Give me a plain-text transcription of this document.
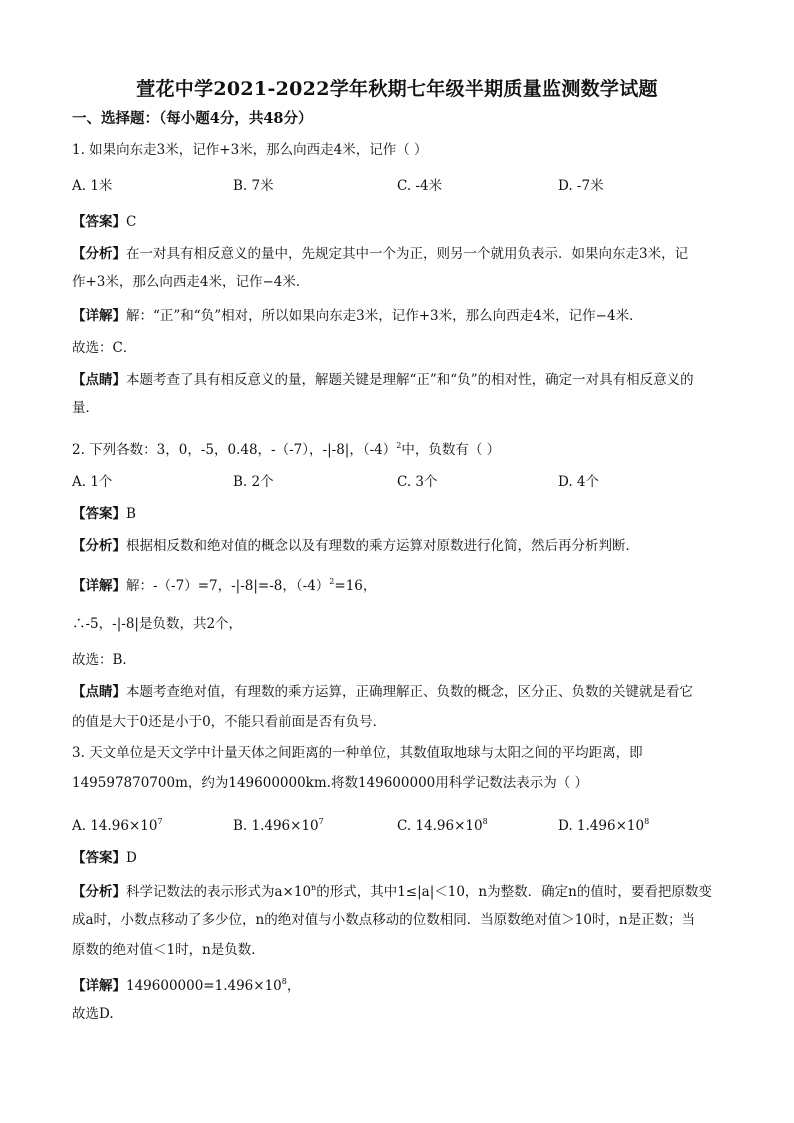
萱花中学2021-2022学年秋期七年级半期质量监测数学试题
一、选择题：（每小题4分，共48分）
1. 如果向东走3米，记作+3米，那么向西走4米，记作（ ）
A. 1米	B. 7米	C. -4米	D. -7米
【答案】C
【分析】在一对具有相反意义的量中，先规定其中一个为正，则另一个就用负表示．如果向东走3米，记
作+3米，那么向西走4米，记作−4米．
【详解】解：“正”和“负”相对，所以如果向东走3米，记作+3米，那么向西走4米，记作−4米．
故选：C．
【点睛】本题考查了具有相反意义的量，解题关键是理解“正”和“负”的相对性，确定一对具有相反意义的
量．
2. 下列各数：3，0，-5，0.48，-（-7），-|-8|，$(-4)^2$中，负数有（ ）
A. 1个	B. 2个	C. 3个	D. 4个
【答案】B
【分析】根据相反数和绝对值的概念以及有理数的乘方运算对原数进行化简，然后再分析判断．
【详解】解：-（-7）=7，-|-8|=-8，$(-4)^2=16$，
∴-5，-|-8|是负数，共2个，
故选：B．
【点睛】本题考查绝对值，有理数的乘方运算，正确理解正、负数的概念，区分正、负数的关键就是看它
的值是大于0还是小于0，不能只看前面是否有负号．
3. 天文单位是天文学中计量天体之间距离的一种单位，其数值取地球与太阳之间的平均距离，即
149597870700m，约为149600000km.将数149600000用科学记数法表示为（ ）
A. $14.96\times 10^7$	B. $1.496\times 10^7$	C. $14.96\times 10^8$	D. $1.496\times 10^8$
【答案】D
【分析】科学记数法的表示形式为$a\times 10^n$的形式，其中1≤|a|＜10，n为整数．确定n的值时，要看把原数变
成a时，小数点移动了多少位，n的绝对值与小数点移动的位数相同．当原数绝对值＞10时，n是正数；当
原数的绝对值＜1时，n是负数．
【详解】$149600000=1.496\times 10^8$，
故选D.
